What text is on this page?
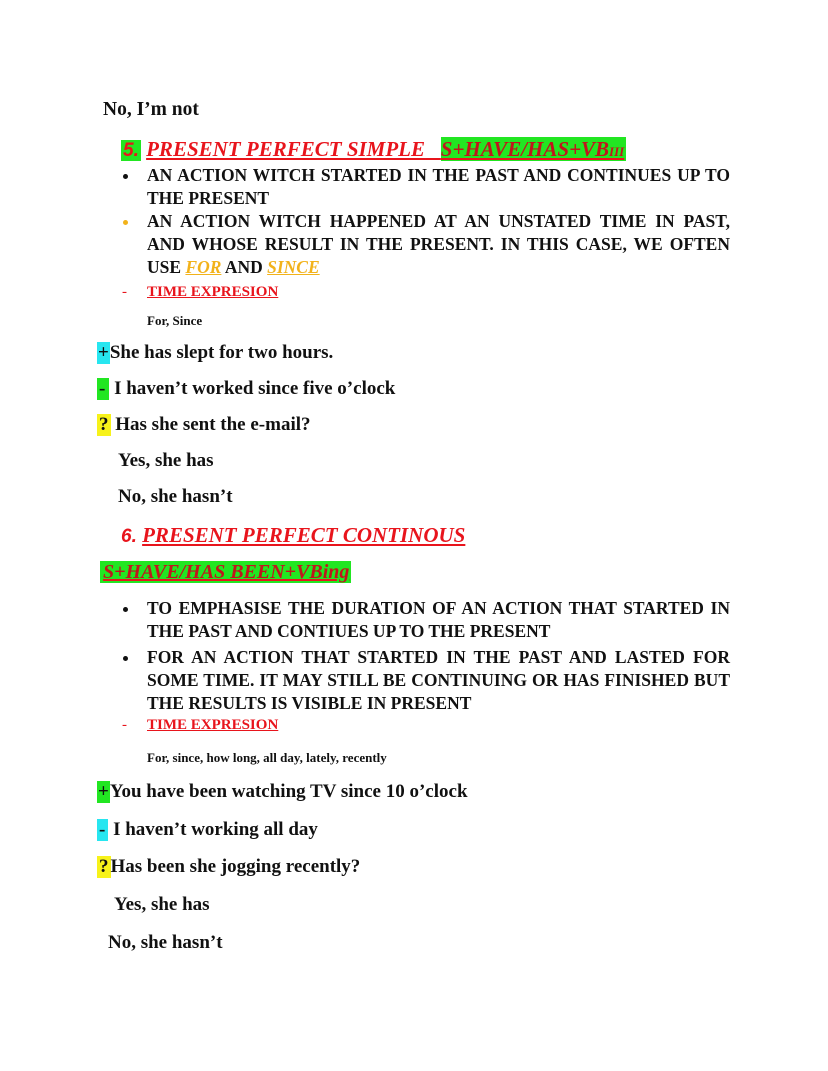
No, I’m not
5. PRESENT PERFECT SIMPLE S+HAVE/HAS+VBIII
AN ACTION WITCH STARTED IN THE PAST AND CONTINUES UP TO THE PRESENT
AN ACTION WITCH HAPPENED AT AN UNSTATED TIME IN PAST, AND WHOSE RESULT IN THE PRESENT. IN THIS CASE, WE OFTEN USE FOR AND SINCE
- TIME EXPRESION
For, Since
+She has slept for two hours.
- I haven’t worked since five o’clock
? Has she sent the e-mail?
Yes, she has
No, she hasn’t
6. PRESENT PERFECT CONTINOUS
S+HAVE/HAS BEEN+VBing
TO EMPHASISE THE DURATION OF AN ACTION THAT STARTED IN THE PAST AND CONTIUES UP TO THE PRESENT
FOR AN ACTION THAT STARTED IN THE PAST AND LASTED FOR SOME TIME. IT MAY STILL BE CONTINUING OR HAS FINISHED BUT THE RESULTS IS VISIBLE IN PRESENT
- TIME EXPRESION
For, since, how long, all day, lately, recently
+You have been watching TV since 10 o’clock
- I haven’t working all day
? Has been she jogging recently?
Yes, she has
No, she hasn’t
